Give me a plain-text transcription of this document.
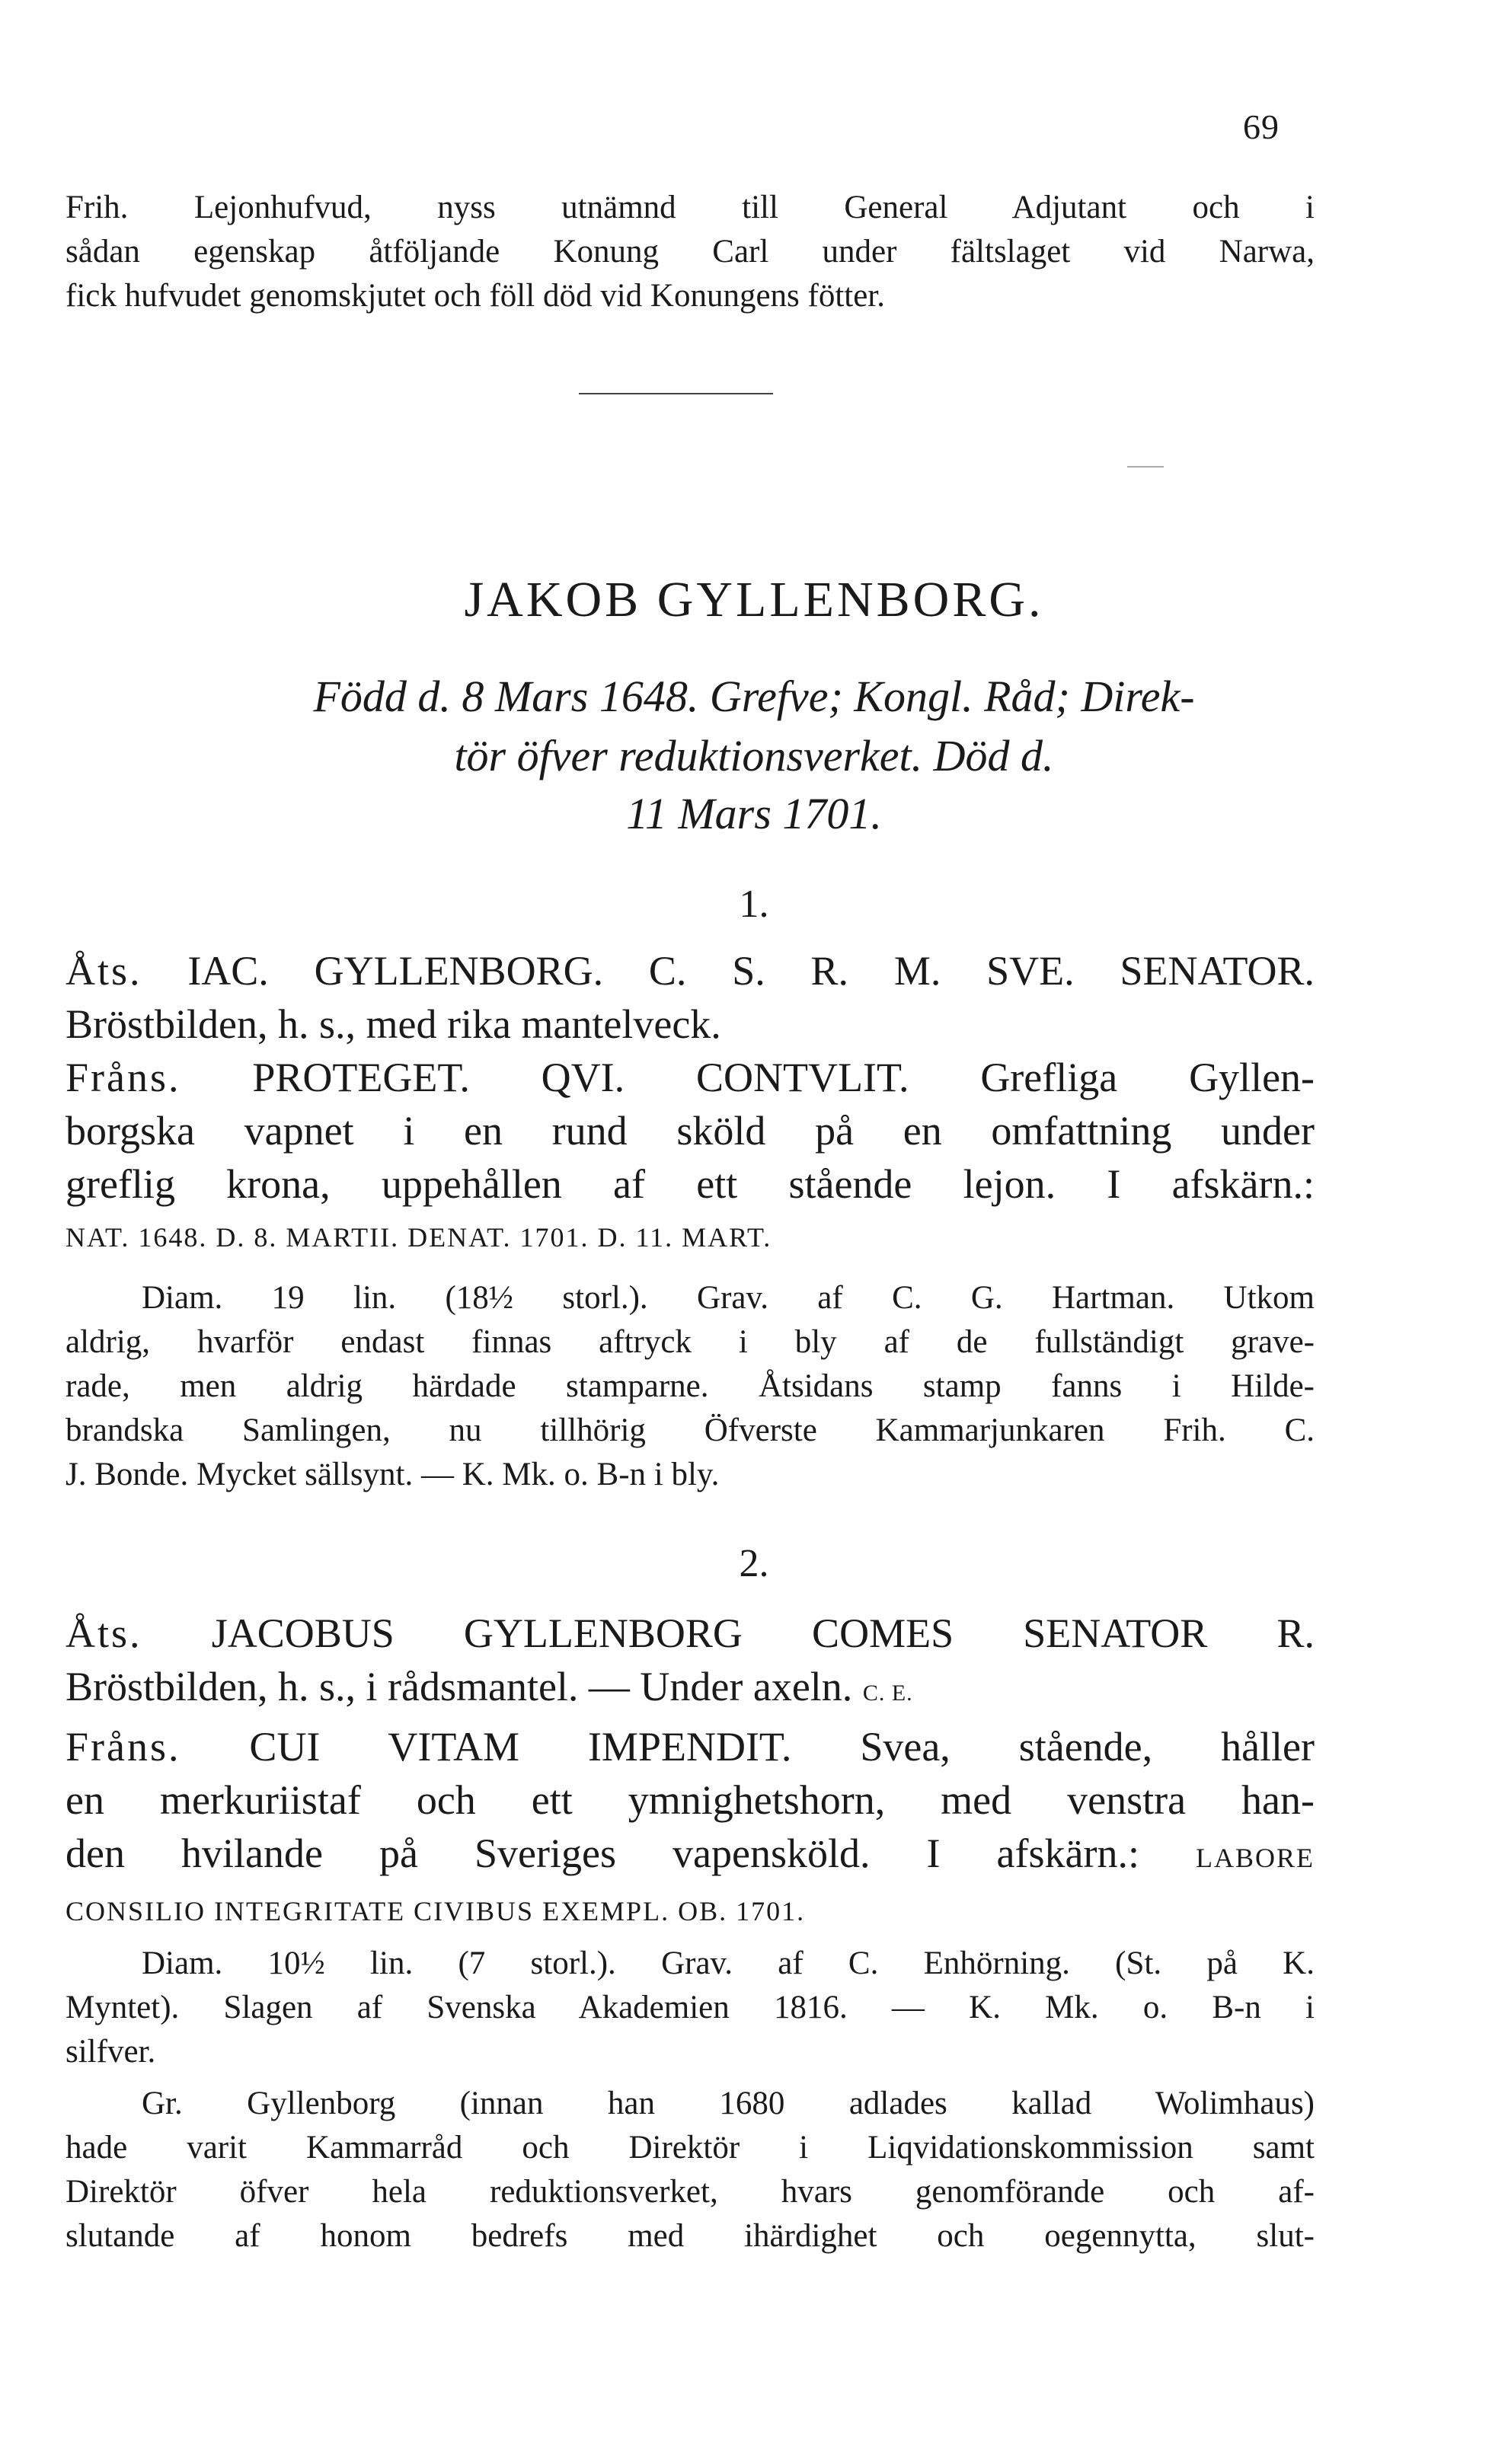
69
Frih. Lejonhufvud, nyss utnämnd till General Adjutant och i
sådan egenskap åtföljande Konung Carl under fältslaget vid Narwa,
fick hufvudet genomskjutet och föll död vid Konungens fötter.
JAKOB GYLLENBORG.
Född d. 8 Mars 1648. Grefve; Kongl. Råd; Direk-
tör öfver reduktionsverket. Död d.
11 Mars 1701.
1.
Åts. IAC. GYLLENBORG. C. S. R. M. SVE. SENATOR.
Bröstbilden, h. s., med rika mantelveck.
Fråns. PROTEGET. QVI. CONTVLIT. Grefliga Gyllen-
borgska vapnet i en rund sköld på en omfattning under
greflig krona, uppehållen af ett stående lejon. I afskärn.:
NAT. 1648. D. 8. MARTII. DENAT. 1701. D. 11. MART.
Diam. 19 lin. (18½ storl.). Grav. af C. G. Hartman. Utkom
aldrig, hvarför endast finnas aftryck i bly af de fullständigt grave-
rade, men aldrig härdade stamparne. Åtsidans stamp fanns i Hilde-
brandska Samlingen, nu tillhörig Öfverste Kammarjunkaren Frih. C.
J. Bonde. Mycket sällsynt. — K. Mk. o. B-n i bly.
2.
Åts. JACOBUS GYLLENBORG COMES SENATOR R.
Bröstbilden, h. s., i rådsmantel. — Under axeln. C. E.
Fråns. CUI VITAM IMPENDIT. Svea, stående, håller
en merkuriistaf och ett ymnighetshorn, med venstra han-
den hvilande på Sveriges vapensköld. I afskärn.: LABORE
CONSILIO INTEGRITATE CIVIBUS EXEMPL. OB. 1701.
Diam. 10½ lin. (7 storl.). Grav. af C. Enhörning. (St. på K.
Myntet). Slagen af Svenska Akademien 1816. — K. Mk. o. B-n i
silfver.
Gr. Gyllenborg (innan han 1680 adlades kallad Wolimhaus)
hade varit Kammarråd och Direktör i Liqvidationskommission samt
Direktör öfver hela reduktionsverket, hvars genomförande och af-
slutande af honom bedrefs med ihärdighet och oegennytta, slut-
